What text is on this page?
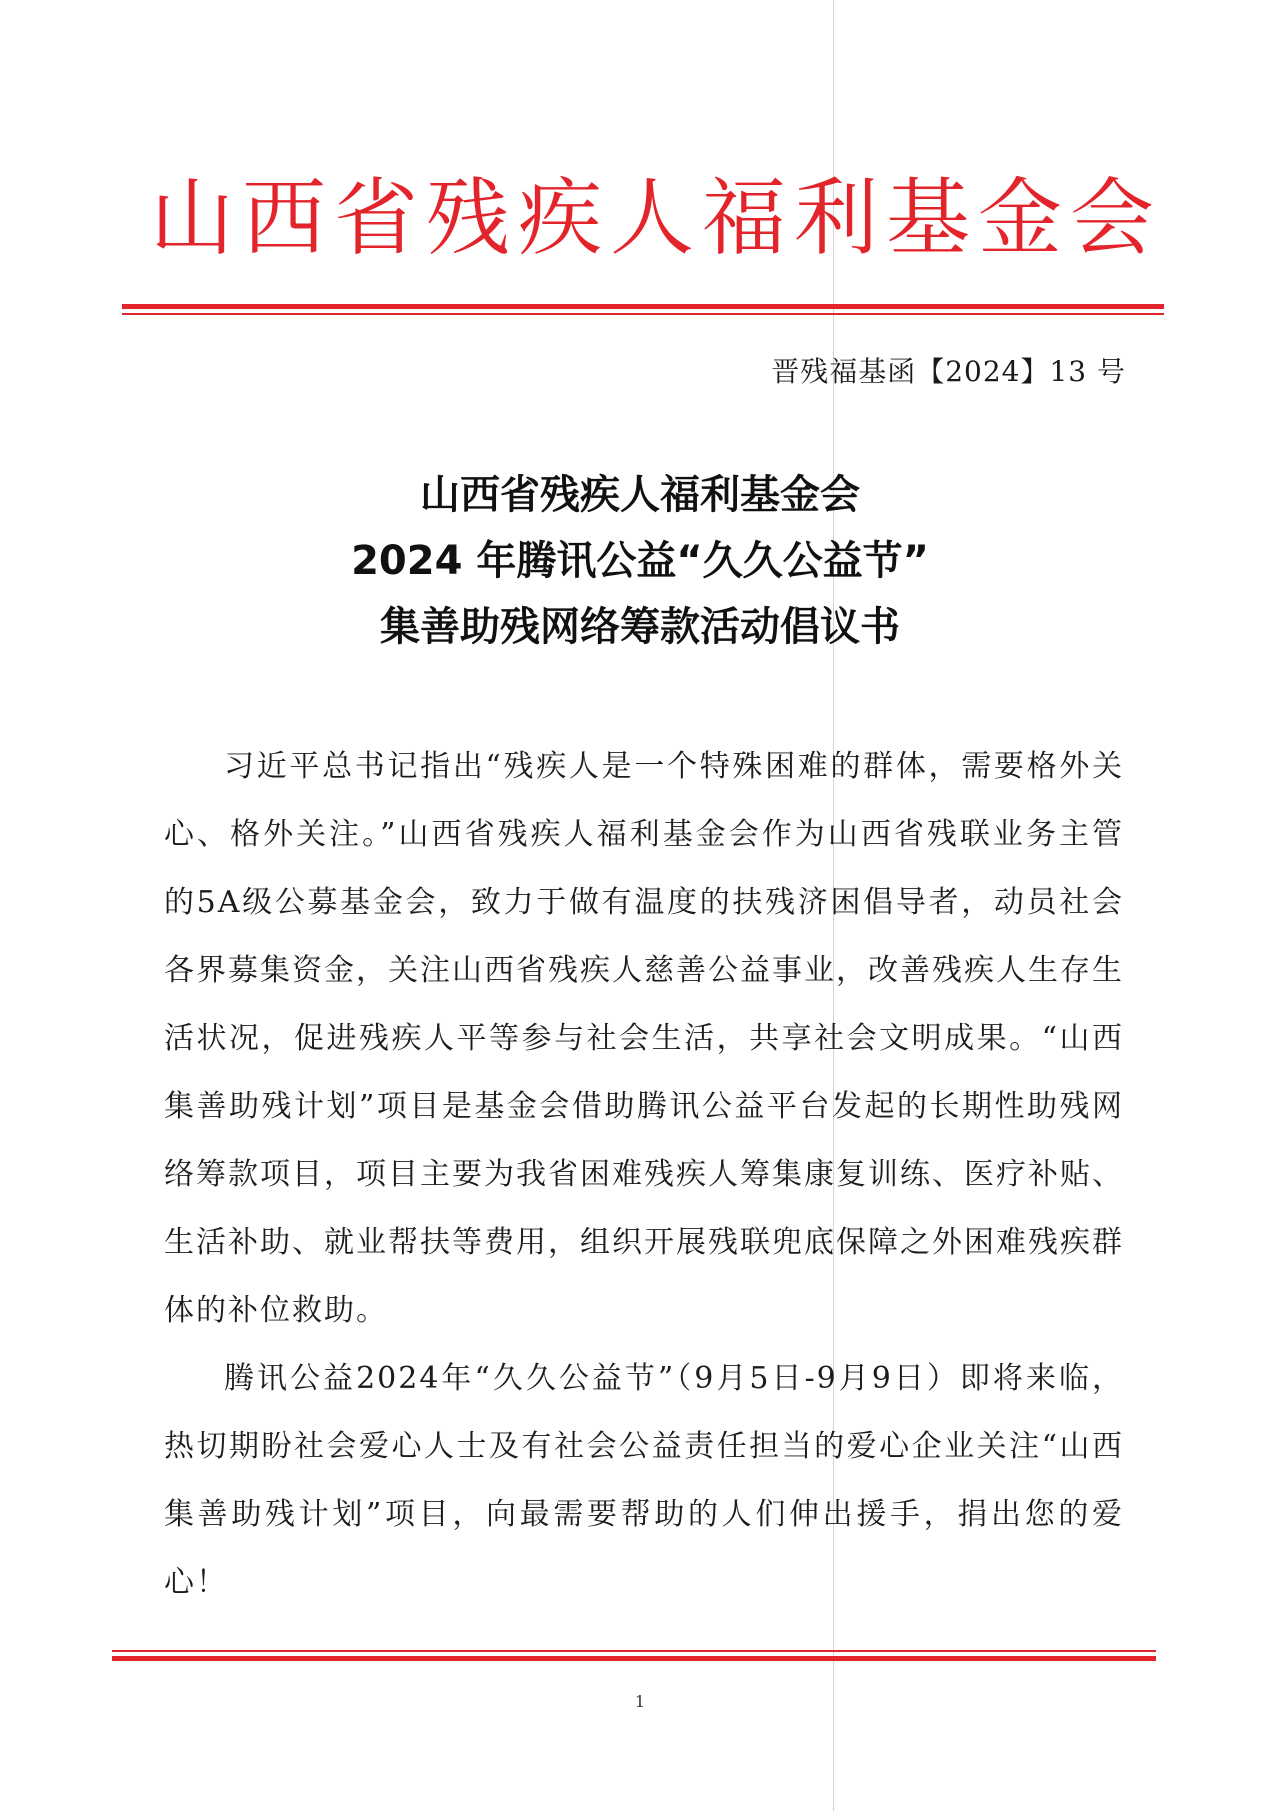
山西省残疾人福利基金会
晋残福基函【2024】13 号
山西省残疾人福利基金会
2024 年腾讯公益“久久公益节”
集善助残网络筹款活动倡议书

习近平总书记指出“残疾人是一个特殊困难的群体，需要格外关心、格外关注。”山西省残疾人福利基金会作为山西省残联业务主管的5A级公募基金会，致力于做有温度的扶残济困倡导者，动员社会各界募集资金，关注山西省残疾人慈善公益事业，改善残疾人生存生活状况，促进残疾人平等参与社会生活，共享社会文明成果。“山西集善助残计划”项目是基金会借助腾讯公益平台发起的长期性助残网络筹款项目，项目主要为我省困难残疾人筹集康复训练、医疗补贴、生活补助、就业帮扶等费用，组织开展残联兜底保障之外困难残疾群体的补位救助。

腾讯公益2024年“久久公益节”（9月5日-9月9日）即将来临，热切期盼社会爱心人士及有社会公益责任担当的爱心企业关注“山西集善助残计划”项目，向最需要帮助的人们伸出援手，捐出您的爱心！

1
